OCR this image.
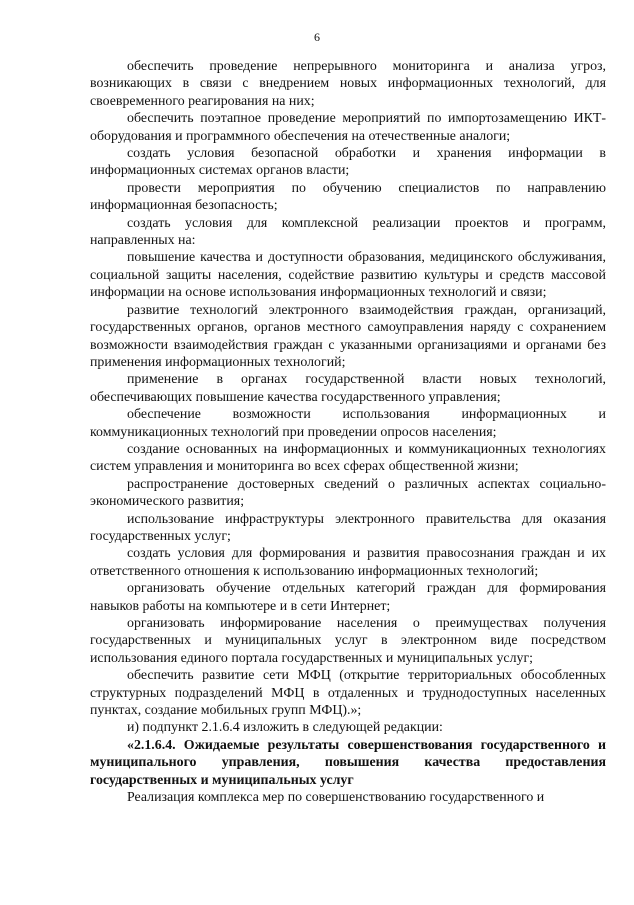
6

обеспечить проведение непрерывного мониторинга и анализа угроз, возникающих в связи с внедрением новых информационных технологий, для своевременного реагирования на них;

обеспечить поэтапное проведение мероприятий по импортозамещению ИКТ-оборудования и программного обеспечения на отечественные аналоги;

создать условия безопасной обработки и хранения информации в информационных системах органов власти;

провести мероприятия по обучению специалистов по направлению информационная безопасность;

создать условия для комплексной реализации проектов и программ, направленных на:

повышение качества и доступности образования, медицинского обслуживания, социальной защиты населения, содействие развитию культуры и средств массовой информации на основе использования информационных технологий и связи;

развитие технологий электронного взаимодействия граждан, организаций, государственных органов, органов местного самоуправления наряду с сохранением возможности взаимодействия граждан с указанными организациями и органами без применения информационных технологий;

применение в органах государственной власти новых технологий, обеспечивающих повышение качества государственного управления;

обеспечение возможности использования информационных и коммуникационных технологий при проведении опросов населения;

создание основанных на информационных и коммуникационных технологиях систем управления и мониторинга во всех сферах общественной жизни;

распространение достоверных сведений о различных аспектах социально-экономического развития;

использование инфраструктуры электронного правительства для оказания государственных услуг;

создать условия для формирования и развития правосознания граждан и их ответственного отношения к использованию информационных технологий;

организовать обучение отдельных категорий граждан для формирования навыков работы на компьютере и в сети Интернет;

организовать информирование населения о преимуществах получения государственных и муниципальных услуг в электронном виде посредством использования единого портала государственных и муниципальных услуг;

обеспечить развитие сети МФЦ (открытие территориальных обособленных структурных подразделений МФЦ в отдаленных и труднодоступных населенных пунктах, создание мобильных групп МФЦ).»;

и) подпункт 2.1.6.4 изложить в следующей редакции:

«2.1.6.4. Ожидаемые результаты совершенствования государственного и муниципального управления, повышения качества предоставления государственных и муниципальных услуг

Реализация комплекса мер по совершенствованию государственного и
